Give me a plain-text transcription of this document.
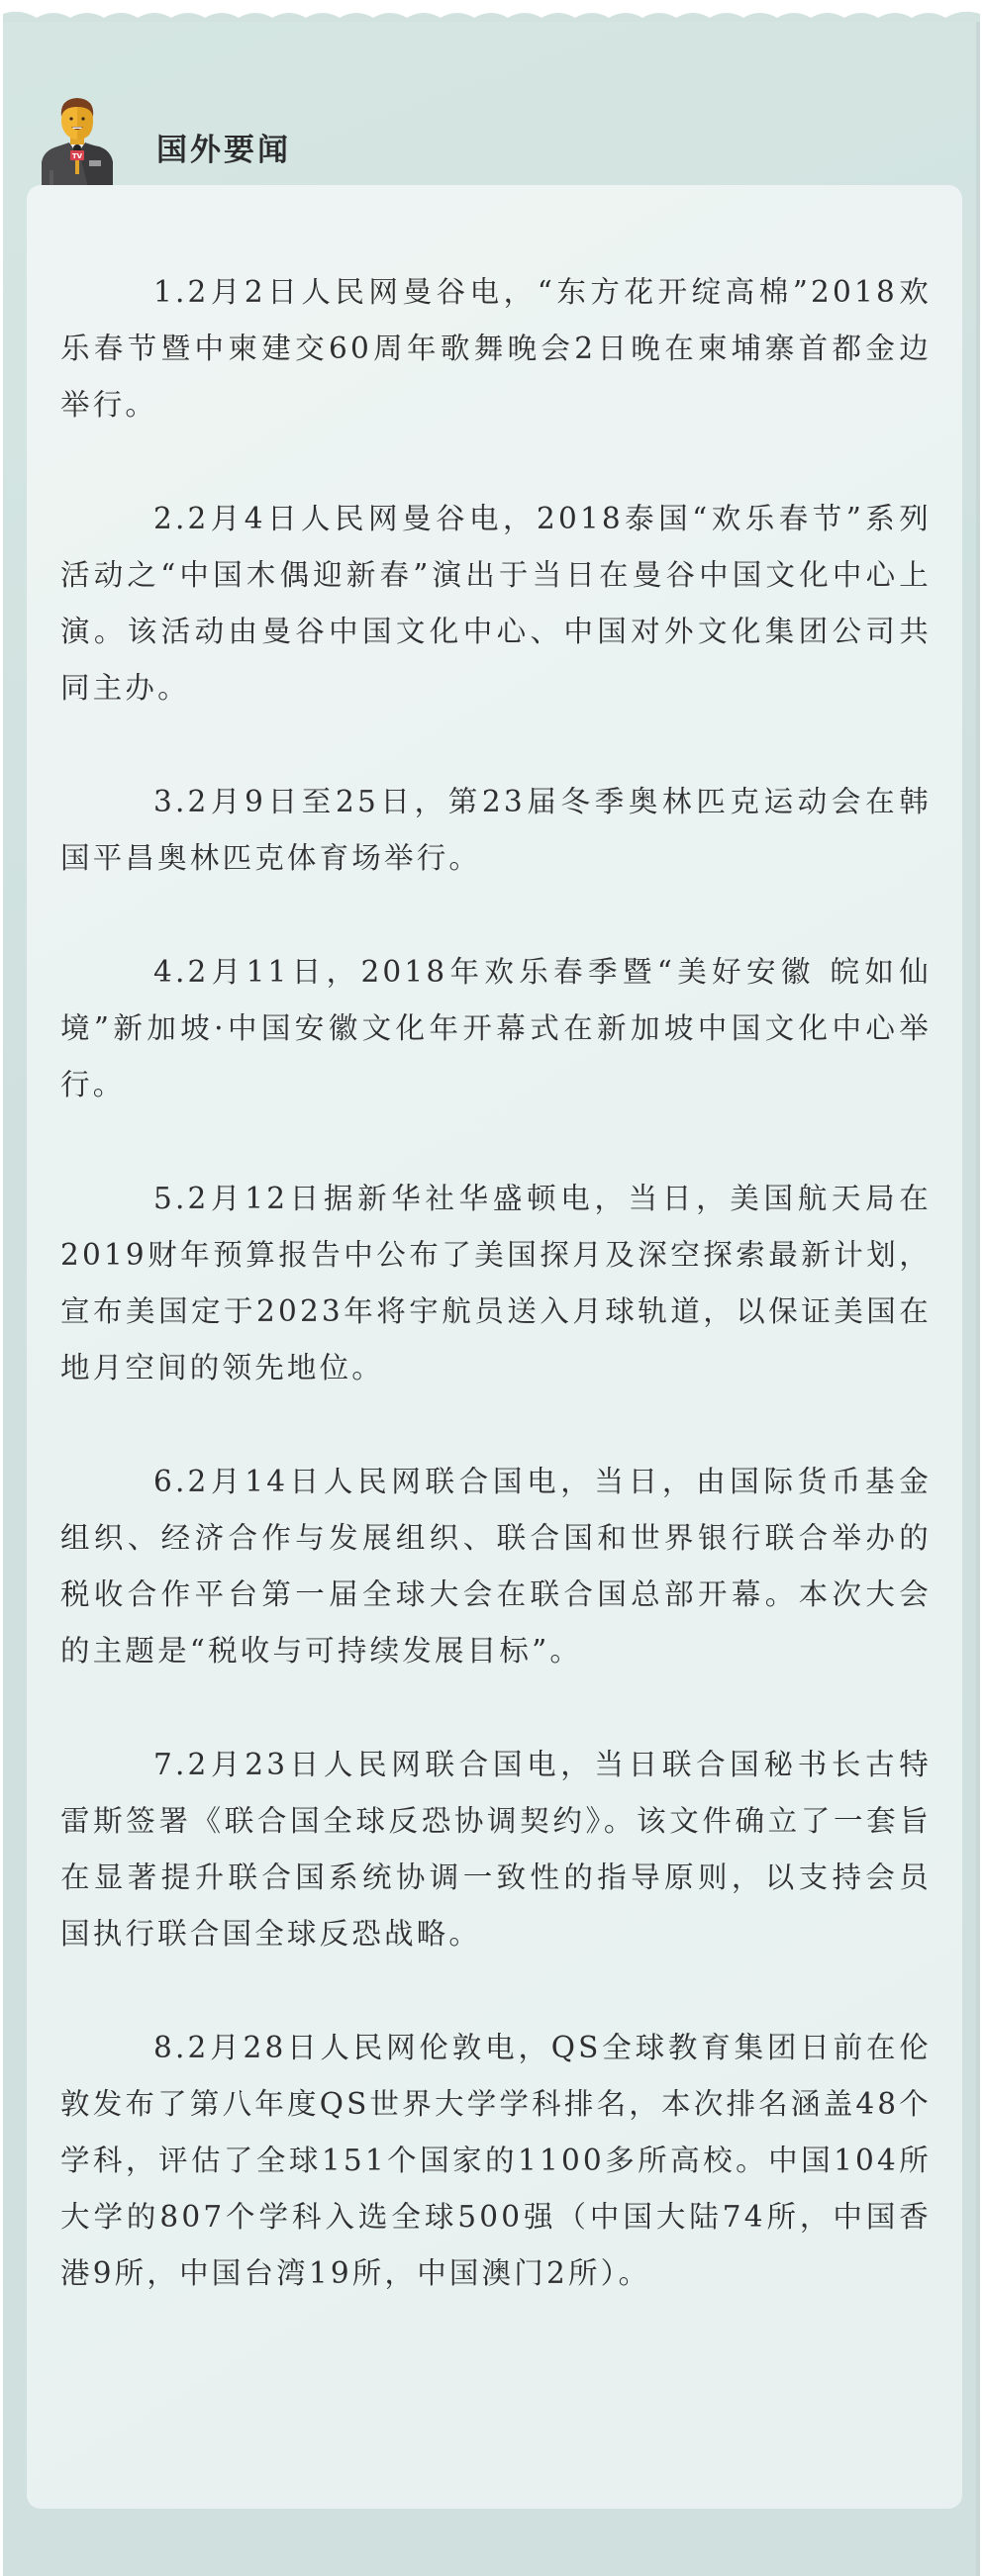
TV 国外要闻

1.2月2日人民网曼谷电，“东方花开绽高棉”2018欢乐春节暨中柬建交60周年歌舞晚会2日晚在柬埔寨首都金边举行。

2.2月4日人民网曼谷电，2018泰国“欢乐春节”系列活动之“中国木偶迎新春”演出于当日在曼谷中国文化中心上演。该活动由曼谷中国文化中心、中国对外文化集团公司共同主办。

3.2月9日至25日，第23届冬季奥林匹克运动会在韩国平昌奥林匹克体育场举行。

4.2月11日，2018年欢乐春季暨“美好安徽 皖如仙境”新加坡·中国安徽文化年开幕式在新加坡中国文化中心举行。

5.2月12日据新华社华盛顿电，当日，美国航天局在2019财年预算报告中公布了美国探月及深空探索最新计划，宣布美国定于2023年将宇航员送入月球轨道，以保证美国在地月空间的领先地位。

6.2月14日人民网联合国电，当日，由国际货币基金组织、经济合作与发展组织、联合国和世界银行联合举办的税收合作平台第一届全球大会在联合国总部开幕。本次大会的主题是“税收与可持续发展目标”。

7.2月23日人民网联合国电，当日联合国秘书长古特雷斯签署《联合国全球反恐协调契约》。该文件确立了一套旨在显著提升联合国系统协调一致性的指导原则，以支持会员国执行联合国全球反恐战略。

8.2月28日人民网伦敦电，QS全球教育集团日前在伦敦发布了第八年度QS世界大学学科排名，本次排名涵盖48个学科，评估了全球151个国家的1100多所高校。中国104所大学的807个学科入选全球500强（中国大陆74所，中国香港9所，中国台湾19所，中国澳门2所）。
